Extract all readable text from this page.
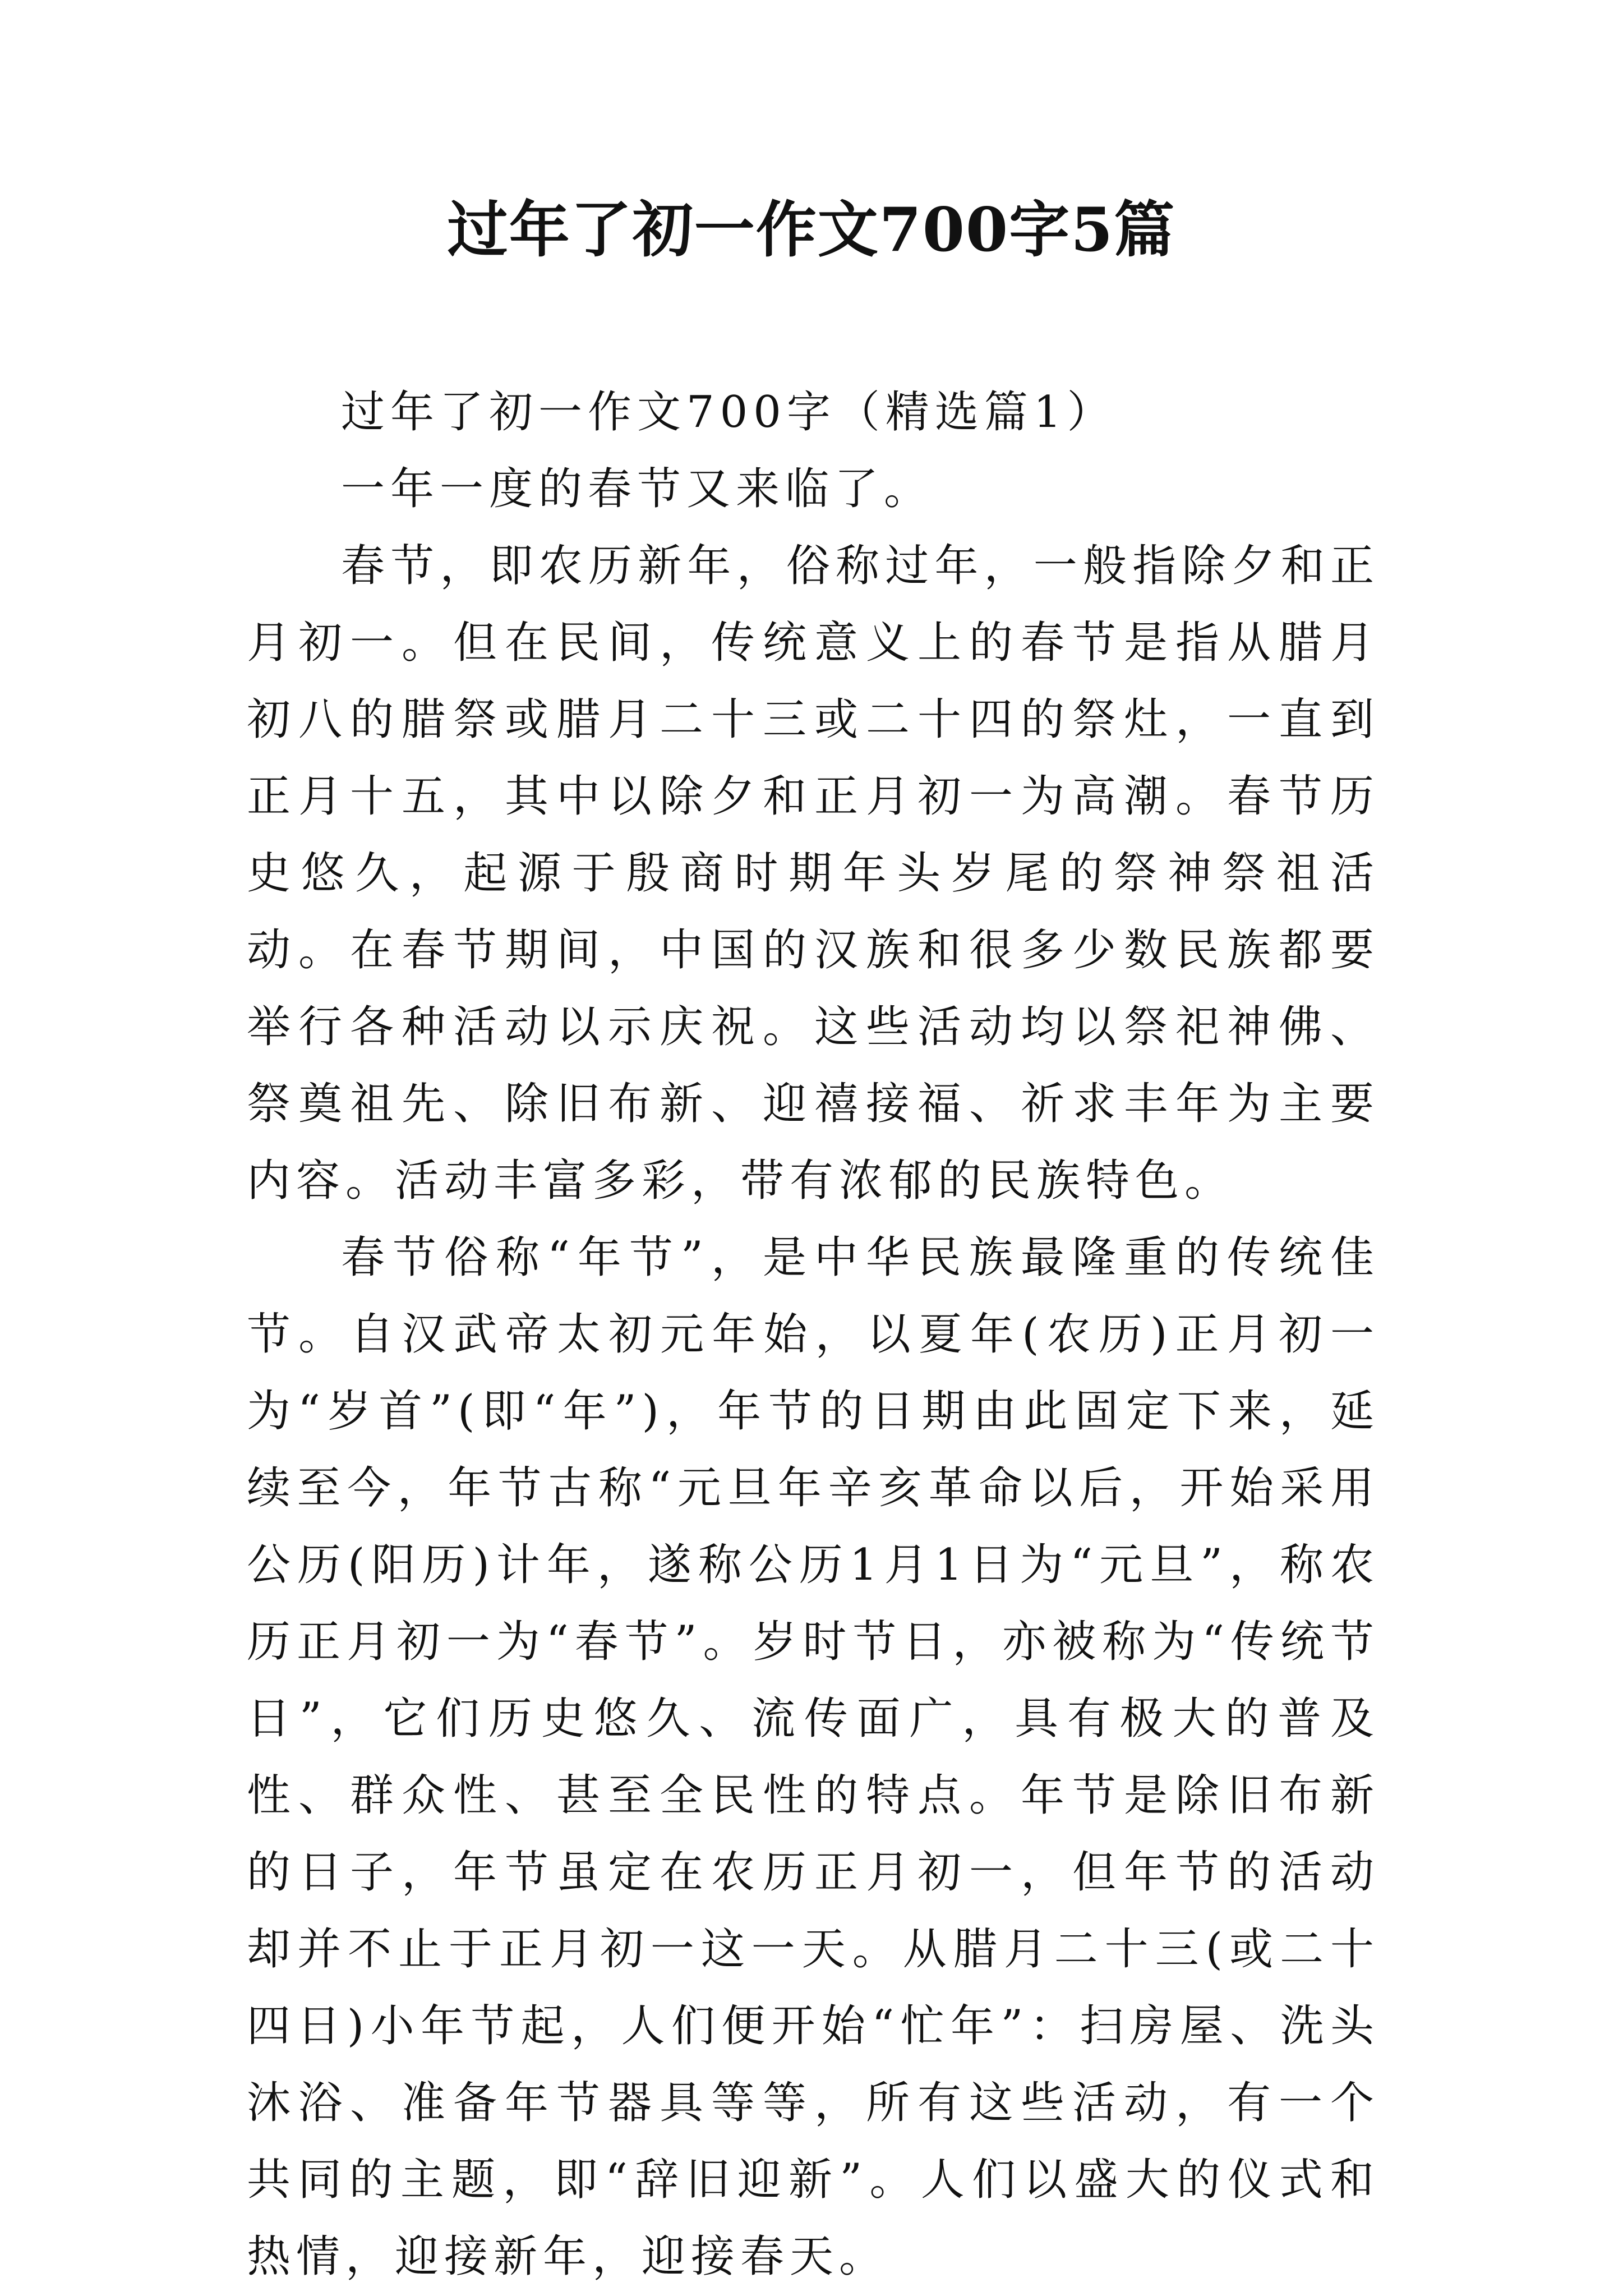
过年了初一作文700字5篇

过年了初一作文700字（精选篇1）

一年一度的春节又来临了。

春节，即农历新年，俗称过年，一般指除夕和正月初一。但在民间，传统意义上的春节是指从腊月初八的腊祭或腊月二十三或二十四的祭灶，一直到正月十五，其中以除夕和正月初一为高潮。春节历史悠久，起源于殷商时期年头岁尾的祭神祭祖活动。在春节期间，中国的汉族和很多少数民族都要举行各种活动以示庆祝。这些活动均以祭祀神佛、祭奠祖先、除旧布新、迎禧接福、祈求丰年为主要内容。活动丰富多彩，带有浓郁的民族特色。

春节俗称“年节”，是中华民族最隆重的传统佳节。自汉武帝太初元年始，以夏年(农历)正月初一为“岁首”(即“年”)，年节的日期由此固定下来，延续至今，年节古称“元旦年辛亥革命以后，开始采用公历(阳历)计年，遂称公历1月1日为“元旦”，称农历正月初一为“春节”。岁时节日，亦被称为“传统节日”，它们历史悠久、流传面广，具有极大的普及性、群众性、甚至全民性的特点。年节是除旧布新的日子，年节虽定在农历正月初一，但年节的活动却并不止于正月初一这一天。从腊月二十三(或二十四日)小年节起，人们便开始“忙年”：扫房屋、洗头沐浴、准备年节器具等等，所有这些活动，有一个共同的主题，即“辞旧迎新”。人们以盛大的仪式和热情，迎接新年，迎接春天。
